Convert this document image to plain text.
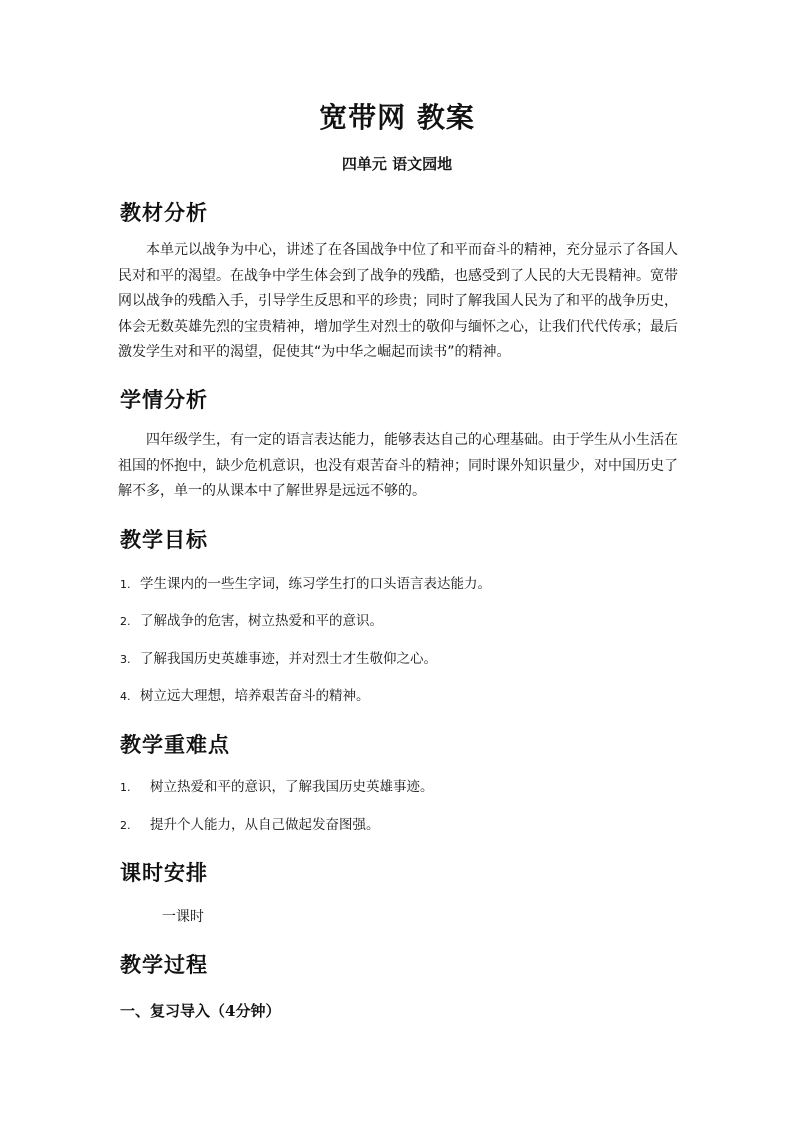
宽带网 教案
四单元 语文园地
教材分析
本单元以战争为中心，讲述了在各国战争中位了和平而奋斗的精神，充分显示了各国人民对和平的渴望。在战争中学生体会到了战争的残酷，也感受到了人民的大无畏精神。宽带网以战争的残酷入手，引导学生反思和平的珍贵；同时了解我国人民为了和平的战争历史，体会无数英雄先烈的宝贵精神，增加学生对烈士的敬仰与缅怀之心，让我们代代传承；最后激发学生对和平的渴望，促使其“为中华之崛起而读书”的精神。
学情分析
四年级学生，有一定的语言表达能力，能够表达自己的心理基础。由于学生从小生活在祖国的怀抱中，缺少危机意识，也没有艰苦奋斗的精神；同时课外知识量少，对中国历史了解不多，单一的从课本中了解世界是远远不够的。
教学目标
1. 学生课内的一些生字词，练习学生打的口头语言表达能力。
2. 了解战争的危害，树立热爱和平的意识。
3. 了解我国历史英雄事迹，并对烈士才生敬仰之心。
4. 树立远大理想，培养艰苦奋斗的精神。
教学重难点
1. 树立热爱和平的意识，了解我国历史英雄事迹。
2. 提升个人能力，从自己做起发奋图强。
课时安排
一课时
教学过程
一、复习导入（4分钟）
